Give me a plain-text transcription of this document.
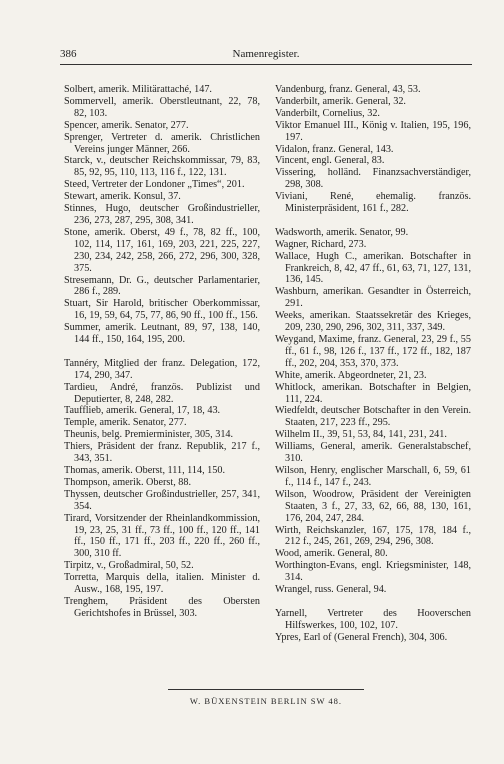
386	Namenregister.
Solbert, amerik. Militärattaché, 147.
Sommervell, amerik. Oberstleutnant, 22, 78, 82, 103.
Spencer, amerik. Senator, 277.
Sprenger, Vertreter d. amerik. Christlichen Vereins junger Männer, 266.
Starck, v., deutscher Reichskommissar, 79, 83, 85, 92, 95, 110, 113, 116 f., 122, 131.
Steed, Vertreter der Londoner „Times“, 201.
Stewart, amerik. Konsul, 37.
Stinnes, Hugo, deutscher Großindustrieller, 236, 273, 287, 295, 308, 341.
Stone, amerik. Oberst, 49 f., 78, 82 ff., 100, 102, 114, 117, 161, 169, 203, 221, 225, 227, 230, 234, 242, 258, 266, 272, 296, 300, 328, 375.
Stresemann, Dr. G., deutscher Parlamentarier, 286 f., 289.
Stuart, Sir Harold, britischer Oberkommissar, 16, 19, 59, 64, 75, 77, 86, 90 ff., 100 ff., 156.
Summer, amerik. Leutnant, 89, 97, 138, 140, 144 ff., 150, 164, 195, 200.
Tannéry, Mitglied der franz. Delegation, 172, 174, 290, 347.
Tardieu, André, französ. Publizist und Deputierter, 8, 248, 282.
Tauffliеb, amerik. General, 17, 18, 43.
Temple, amerik. Senator, 277.
Theunis, belg. Premierminister, 305, 314.
Thiers, Präsident der franz. Republik, 217 f., 343, 351.
Thomas, amerik. Oberst, 111, 114, 150.
Thompson, amerik. Oberst, 88.
Thyssen, deutscher Großindustrieller, 257, 341, 354.
Tirard, Vorsitzender der Rheinlandkommission, 19, 23, 25, 31 ff., 73 ff., 100 ff., 120 ff., 141 ff., 150 ff., 171 ff., 203 ff., 220 ff., 260 ff., 300, 310 ff.
Tirpitz, v., Großadmiral, 50, 52.
Torretta, Marquis della, italien. Minister d. Ausw., 168, 195, 197.
Trenghem, Präsident des Obersten Gerichtshofes in Brüssel, 303.
Vandenburg, franz. General, 43, 53.
Vanderbilt, amerik. General, 32.
Vanderbilt, Cornelius, 32.
Viktor Emanuel III., König v. Italien, 195, 196, 197.
Vidalon, franz. General, 143.
Vincent, engl. General, 83.
Vissering, holländ. Finanzsachverständiger, 298, 308.
Viviani, René, ehemalig. französ. Ministerpräsident, 161 f., 282.
Wadsworth, amerik. Senator, 99.
Wagner, Richard, 273.
Wallace, Hugh C., amerikan. Botschafter in Frankreich, 8, 42, 47 ff., 61, 63, 71, 127, 131, 136, 145.
Washburn, amerikan. Gesandter in Österreich, 291.
Weeks, amerikan. Staatssekretär des Krieges, 209, 230, 290, 296, 302, 311, 337, 349.
Weygand, Maxime, franz. General, 23, 29 f., 55 ff., 61 f., 98, 126 f., 137 ff., 172 ff., 182, 187 ff., 202, 204, 353, 370, 373.
White, amerik. Abgeordneter, 21, 23.
Whitlock, amerikan. Botschafter in Belgien, 111, 224.
Wiedfeldt, deutscher Botschafter in den Verein. Staaten, 217, 223 ff., 295.
Wilhelm II., 39, 51, 53, 84, 141, 231, 241.
Williams, General, amerik. Generalstabschef, 310.
Wilson, Henry, englischer Marschall, 6, 59, 61 f., 114 f., 147 f., 243.
Wilson, Woodrow, Präsident der Vereinigten Staaten, 3 f., 27, 33, 62, 66, 88, 130, 161, 176, 204, 247, 284.
Wirth, Reichskanzler, 167, 175, 178, 184 f., 212 f., 245, 261, 269, 294, 296, 308.
Wood, amerik. General, 80.
Worthington-Evans, engl. Kriegsminister, 148, 314.
Wrangel, russ. General, 94.
Yarnell, Vertreter des Hooverschen Hilfswerkes, 100, 102, 107.
Ypres, Earl of (General French), 304, 306.
W. BÜXENSTEIN BERLIN SW 48.
